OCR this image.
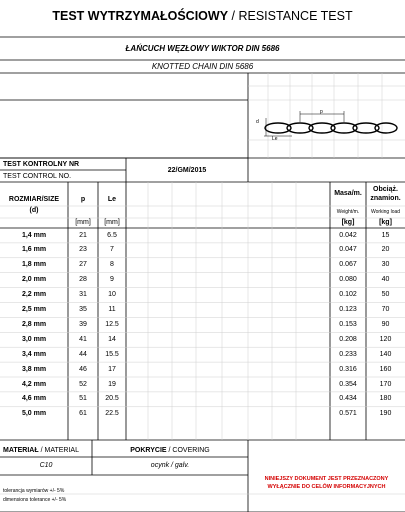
TEST WYTRZYMAŁOŚCIOWY / RESISTANCE TEST
ŁAŃCUCH WĘZŁOWY WIKTOR DIN 5686
KNOTTED CHAIN DIN 5686
p
d
Le
TEST KONTROLNY NR
TEST CONTROL NO.
22/GM/2015
ROZMIAR/SIZE
(d)
p
[mm]
Le
[mm]
Masa/m.
Weight/m.
[kg]
Obciąż. znamion.
Working load
[kg]
1,4 mm	21	6.5	0.042	15
1,6 mm	23	7	0.047	20
1,8 mm	27	8	0.067	30
2,0 mm	28	9	0.080	40
2,2 mm	31	10	0.102	50
2,5 mm	35	11	0.123	70
2,8 mm	39	12.5	0.153	90
3,0 mm	41	14	0.208	120
3,4 mm	44	15.5	0.233	140
3,8 mm	46	17	0.316	160
4,2 mm	52	19	0.354	170
4,6 mm	51	20.5	0.434	180
5,0 mm	61	22.5	0.571	190
MATERIAŁ / MATERIAL
C10
POKRYCIE / COVERING
ocynk / galv.
NINIEJSZY DOKUMENT JEST PRZEZNACZONY
WYŁĄCZNIE DO CELÓW INFORMACYJNYCH
tolerancja wymiarów +/- 5%
dimensions tolerance +/- 5%
